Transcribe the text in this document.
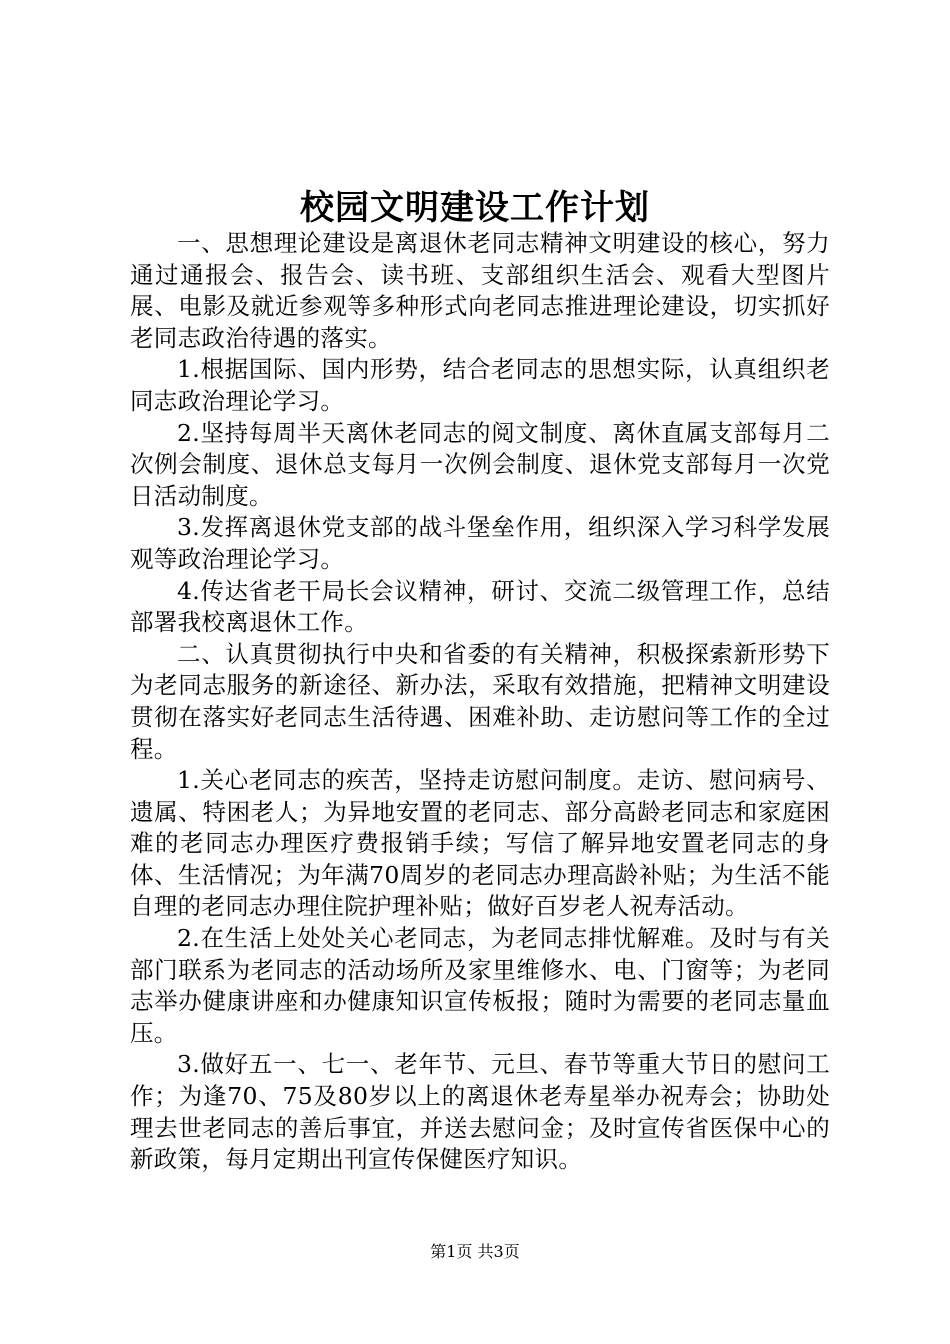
校园文明建设工作计划

一、思想理论建设是离退休老同志精神文明建设的核心，努力通过通报会、报告会、读书班、支部组织生活会、观看大型图片展、电影及就近参观等多种形式向老同志推进理论建设，切实抓好老同志政治待遇的落实。

1.根据国际、国内形势，结合老同志的思想实际，认真组织老同志政治理论学习。

2.坚持每周半天离休老同志的阅文制度、离休直属支部每月二次例会制度、退休总支每月一次例会制度、退休党支部每月一次党日活动制度。

3.发挥离退休党支部的战斗堡垒作用，组织深入学习科学发展观等政治理论学习。

4.传达省老干局长会议精神，研讨、交流二级管理工作，总结部署我校离退休工作。

二、认真贯彻执行中央和省委的有关精神，积极探索新形势下为老同志服务的新途径、新办法，采取有效措施，把精神文明建设贯彻在落实好老同志生活待遇、困难补助、走访慰问等工作的全过程。

1.关心老同志的疾苦，坚持走访慰问制度。走访、慰问病号、遗属、特困老人；为异地安置的老同志、部分高龄老同志和家庭困难的老同志办理医疗费报销手续；写信了解异地安置老同志的身体、生活情况；为年满70周岁的老同志办理高龄补贴；为生活不能自理的老同志办理住院护理补贴；做好百岁老人祝寿活动。

2.在生活上处处关心老同志，为老同志排忧解难。及时与有关部门联系为老同志的活动场所及家里维修水、电、门窗等；为老同志举办健康讲座和办健康知识宣传板报；随时为需要的老同志量血压。

3.做好五一、七一、老年节、元旦、春节等重大节日的慰问工作；为逢70、75及80岁以上的离退休老寿星举办祝寿会；协助处理去世老同志的善后事宜，并送去慰问金；及时宣传省医保中心的新政策，每月定期出刊宣传保健医疗知识。

第1页 共3页
